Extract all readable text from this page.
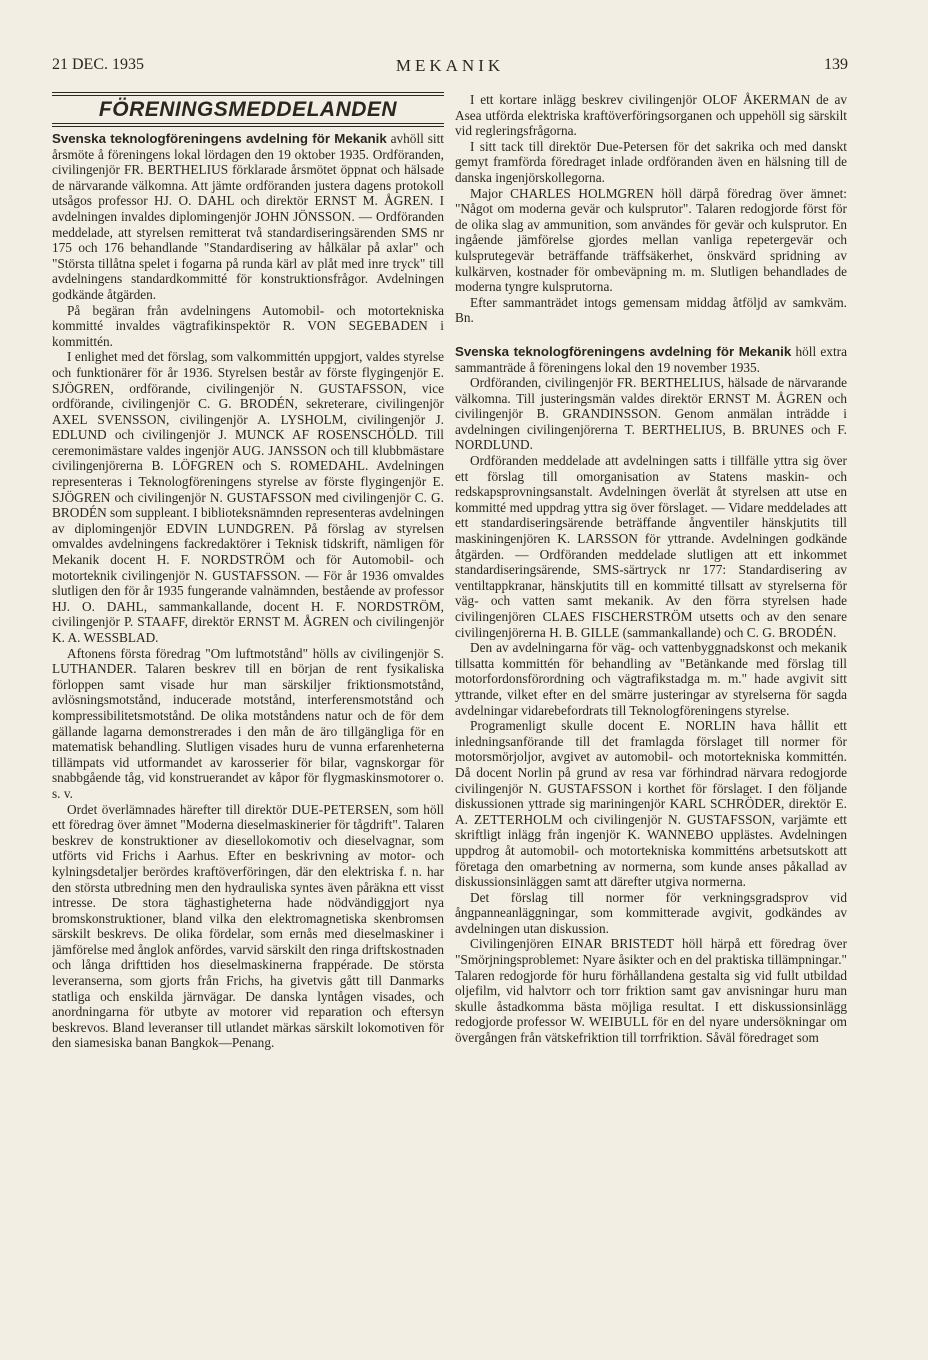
21 DEC. 1935	MEKANIK	139
FÖRENINGSMEDDELANDEN

Svenska teknologföreningens avdelning för Mekanik avhöll sitt årsmöte å föreningens lokal lördagen den 19 oktober 1935. Ordföranden, civilingenjör FR. BERTHELIUS förklarade årsmötet öppnat och hälsade de närvarande välkomna. Att jämte ordföranden justera dagens protokoll utsågos professor HJ. O. DAHL och direktör ERNST M. ÅGREN. I avdelningen invaldes diplomingenjör JOHN JÖNSSON. — Ordföranden meddelade, att styrelsen remitterat två standardiseringsärenden SMS nr 175 och 176 behandlande "Standardisering av hålkälar på axlar" och "Största tillåtna spelet i fogarna på runda kärl av plåt med inre tryck" till avdelningens standardkommitté för konstruktionsfrågor. Avdelningen godkände åtgärden.

På begäran från avdelningens Automobil- och motortekniska kommitté invaldes vägtrafikinspektör R. VON SEGEBADEN i kommittén.

I enlighet med det förslag, som valkommittén uppgjort, valdes styrelse och funktionärer för år 1936. Styrelsen består av förste flygingenjör E. SJÖGREN, ordförande, civilingenjör N. GUSTAFSSON, vice ordförande, civilingenjör C. G. BRODÉN, sekreterare, civilingenjör AXEL SVENSSON, civilingenjör A. LYSHOLM, civilingenjör J. EDLUND och civilingenjör J. MUNCK AF ROSENSCHÖLD. Till ceremonimästare valdes ingenjör AUG. JANSSON och till klubbmästare civilingenjörerna B. LÖFGREN och S. ROMEDAHL. Avdelningen representeras i Teknologföreningens styrelse av förste flygingenjör E. SJÖGREN och civilingenjör N. GUSTAFSSON med civilingenjör C. G. BRODÉN som suppleant. I biblioteksnämnden representeras avdelningen av diplomingenjör EDVIN LUNDGREN. På förslag av styrelsen omvaldes avdelningens fackredaktörer i Teknisk tidskrift, nämligen för Mekanik docent H. F. NORDSTRÖM och för Automobil- och motorteknik civilingenjör N. GUSTAFSSON. — För år 1936 omvaldes slutligen den för år 1935 fungerande valnämnden, bestående av professor HJ. O. DAHL, sammankallande, docent H. F. NORDSTRÖM, civilingenjör P. STAAFF, direktör ERNST M. ÅGREN och civilingenjör K. A. WESSBLAD.

Aftonens första föredrag "Om luftmotstånd" hölls av civilingenjör S. LUTHANDER. Talaren beskrev till en början de rent fysikaliska förloppen samt visade hur man särskiljer friktionsmotstånd, avlösningsmotstånd, inducerade motstånd, interferensmotstånd och kompressibilitetsmotstånd. De olika motståndens natur och de för dem gällande lagarna demonstrerades i den mån de äro tillgängliga för en matematisk behandling. Slutligen visades huru de vunna erfarenheterna tillämpats vid utformandet av karosserier för bilar, vagnskorgar för snabbgående tåg, vid konstruerandet av kåpor för flygmaskinsmotorer o. s. v.

Ordet överlämnades härefter till direktör DUE-PETERSEN, som höll ett föredrag över ämnet "Moderna dieselmaskinerier för tågdrift". Talaren beskrev de konstruktioner av diesellokomotiv och dieselvagnar, som utförts vid Frichs i Aarhus. Efter en beskrivning av motor- och kylningsdetaljer berördes kraftöverföringen, där den elektriska f. n. har den största utbredning men den hydrauliska syntes även påräkna ett visst intresse. De stora täghastigheterna hade nödvändiggjort nya bromskonstruktioner, bland vilka den elektromagnetiska skenbromsen särskilt beskrevs. De olika fördelar, som ernås med dieselmaskiner i jämförelse med ånglok anfördes, varvid särskilt den ringa driftskostnaden och långa drifttiden hos dieselmaskinerna frappérade. De största leveranserna, som gjorts från Frichs, ha givetvis gått till Danmarks statliga och enskilda järnvägar. De danska lyntågen visades, och anordningarna för utbyte av motorer vid reparation och eftersyn beskrevos. Bland leveranser till utlandet märkas särskilt lokomotiven för den siamesiska banan Bangkok—Penang.

I ett kortare inlägg beskrev civilingenjör OLOF ÅKERMAN de av Asea utförda elektriska kraftöverföringsorganen och uppehöll sig särskilt vid regleringsfrågorna.

I sitt tack till direktör Due-Petersen för det sakrika och med danskt gemyt framförda föredraget inlade ordföranden även en hälsning till de danska ingenjörskollegorna.

Major CHARLES HOLMGREN höll därpå föredrag över ämnet: "Något om moderna gevär och kulsprutor". Talaren redogjorde först för de olika slag av ammunition, som användes för gevär och kulsprutor. En ingående jämförelse gjordes mellan vanliga repetergevär och kulsprutegevär beträffande träffsäkerhet, önskvärd spridning av kulkärven, kostnader för ombeväpning m. m. Slutligen behandlades de moderna tyngre kulsprutorna.

Efter sammanträdet intogs gemensam middag åtföljd av samkväm. Bn.

Svenska teknologföreningens avdelning för Mekanik höll extra sammanträde å föreningens lokal den 19 november 1935.

Ordföranden, civilingenjör FR. BERTHELIUS, hälsade de närvarande välkomna. Till justeringsmän valdes direktör ERNST M. ÅGREN och civilingenjör B. GRANDINSSON. Genom anmälan inträdde i avdelningen civilingenjörerna T. BERTHELIUS, B. BRUNES och F. NORDLUND.

Ordföranden meddelade att avdelningen satts i tillfälle yttra sig över ett förslag till omorganisation av Statens maskin- och redskapsprovningsanstalt. Avdelningen överlät åt styrelsen att utse en kommitté med uppdrag yttra sig över förslaget. — Vidare meddelades att ett standardiseringsärende beträffande ångventiler hänskjutits till maskiningenjören K. LARSSON för yttrande. Avdelningen godkände åtgärden. — Ordföranden meddelade slutligen att ett inkommet standardiseringsärende, SMS-särtryck nr 177: Standardisering av ventiltappkranar, hänskjutits till en kommitté tillsatt av styrelserna för väg- och vatten samt mekanik. Av den förra styrelsen hade civilingenjören CLAES FISCHERSTRÖM utsetts och av den senare civilingenjörerna H. B. GILLE (sammankallande) och C. G. BRODÉN.

Den av avdelningarna för väg- och vattenbyggnadskonst och mekanik tillsatta kommittén för behandling av "Betänkande med förslag till motorfordonsförordning och vägtrafikstadga m. m." hade avgivit sitt yttrande, vilket efter en del smärre justeringar av styrelserna för sagda avdelningar vidarebefordrats till Teknologföreningens styrelse.

Programenligt skulle docent E. NORLIN hava hållit ett inledningsanförande till det framlagda förslaget till normer för motorsmörjoljor, avgivet av automobil- och motortekniska kommittén. Då docent Norlin på grund av resa var förhindrad närvara redogjorde civilingenjör N. GUSTAFSSON i korthet för förslaget. I den följande diskussionen yttrade sig mariningenjör KARL SCHRÖDER, direktör E. A. ZETTERHOLM och civilingenjör N. GUSTAFSSON, varjämte ett skriftligt inlägg från ingenjör K. WANNEBO upplästes. Avdelningen uppdrog åt automobil- och motortekniska kommitténs arbetsutskott att företaga den omarbetning av normerna, som kunde anses påkallad av diskussionsinläggen samt att därefter utgiva normerna.

Det förslag till normer för verkningsgradsprov vid ångpanneanläggningar, som kommitterade avgivit, godkändes av avdelningen utan diskussion.

Civilingenjören EINAR BRISTEDT höll härpå ett föredrag över "Smörjningsproblemet: Nyare åsikter och en del praktiska tillämpningar." Talaren redogjorde för huru förhållandena gestalta sig vid fullt utbildad oljefilm, vid halvtorr och torr friktion samt gav anvisningar huru man skulle åstadkomma bästa möjliga resultat. I ett diskussionsinlägg redogjorde professor W. WEIBULL för en del nyare undersökningar om övergången från vätskefriktion till torrfriktion. Såväl föredraget som
